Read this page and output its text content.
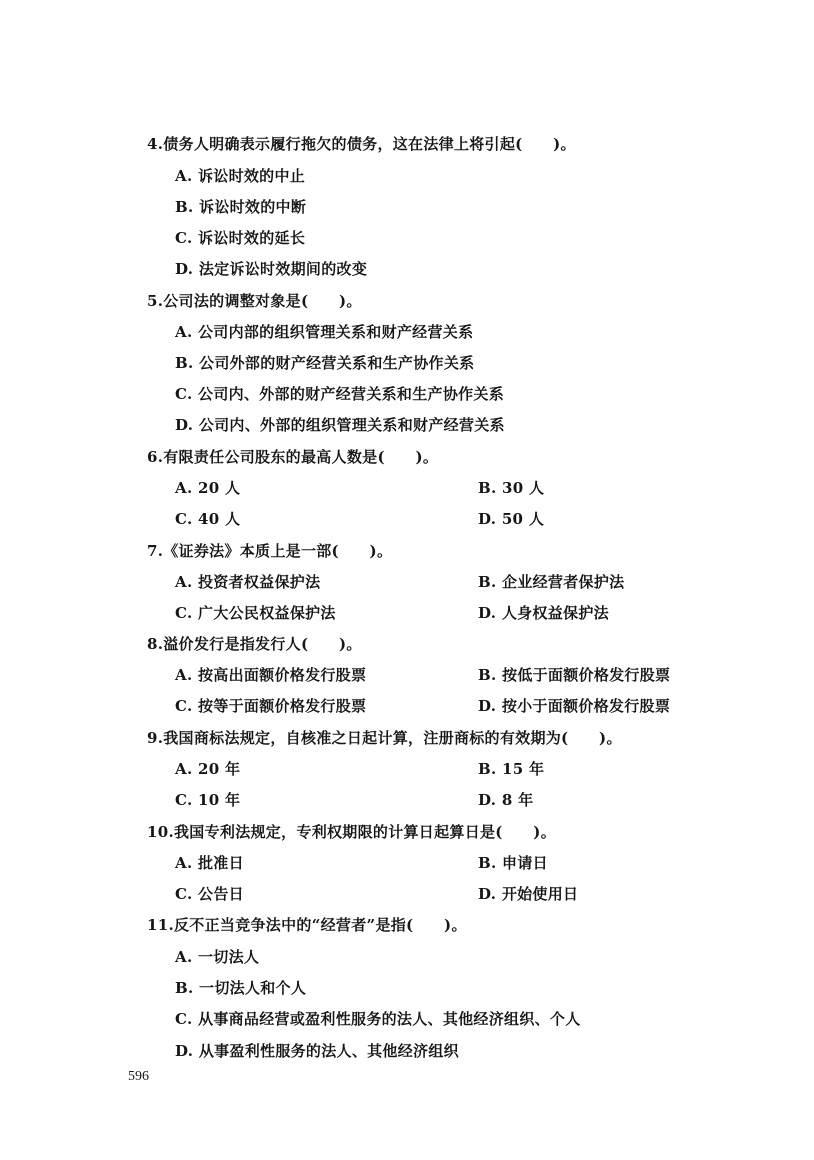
4.债务人明确表示履行拖欠的债务，这在法律上将引起(　　)。
A. 诉讼时效的中止
B. 诉讼时效的中断
C. 诉讼时效的延长
D. 法定诉讼时效期间的改变
5.公司法的调整对象是(　　)。
A. 公司内部的组织管理关系和财产经营关系
B. 公司外部的财产经营关系和生产协作关系
C. 公司内、外部的财产经营关系和生产协作关系
D. 公司内、外部的组织管理关系和财产经营关系
6.有限责任公司股东的最高人数是(　　)。
A. 20 人	B. 30 人
C. 40 人	D. 50 人
7.《证券法》本质上是一部(　　)。
A. 投资者权益保护法	B. 企业经营者保护法
C. 广大公民权益保护法	D. 人身权益保护法
8.溢价发行是指发行人(　　)。
A. 按高出面额价格发行股票	B. 按低于面额价格发行股票
C. 按等于面额价格发行股票	D. 按小于面额价格发行股票
9.我国商标法规定，自核准之日起计算，注册商标的有效期为(　　)。
A. 20 年	B. 15 年
C. 10 年	D. 8 年
10.我国专利法规定，专利权期限的计算日起算日是(　　)。
A. 批准日	B. 申请日
C. 公告日	D. 开始使用日
11.反不正当竞争法中的“经营者”是指(　　)。
A. 一切法人
B. 一切法人和个人
C. 从事商品经营或盈利性服务的法人、其他经济组织、个人
D. 从事盈利性服务的法人、其他经济组织
596
